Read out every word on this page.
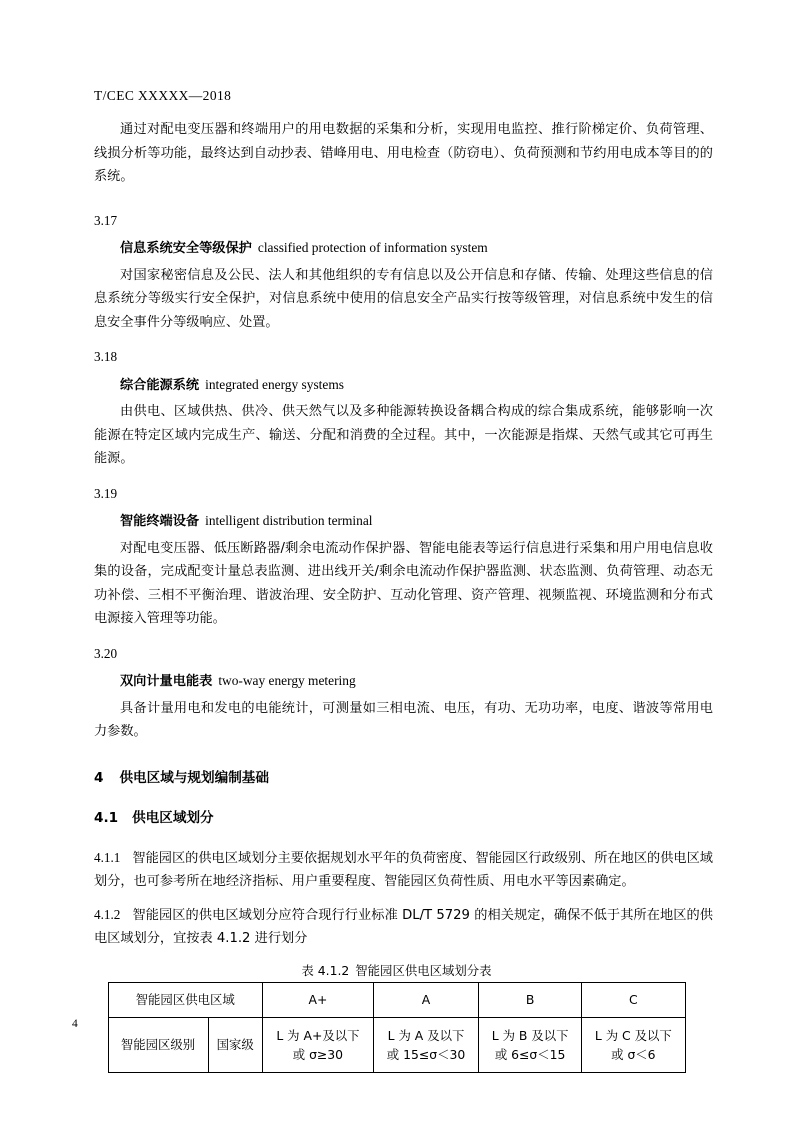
T/CEC XXXXX—2018
通过对配电变压器和终端用户的用电数据的采集和分析，实现用电监控、推行阶梯定价、负荷管理、线损分析等功能，最终达到自动抄表、错峰用电、用电检查（防窃电）、负荷预测和节约用电成本等目的的系统。
3.17
信息系统安全等级保护 classified protection of information system
对国家秘密信息及公民、法人和其他组织的专有信息以及公开信息和存储、传输、处理这些信息的信息系统分等级实行安全保护，对信息系统中使用的信息安全产品实行按等级管理，对信息系统中发生的信息安全事件分等级响应、处置。
3.18
综合能源系统 integrated energy systems
由供电、区域供热、供冷、供天然气以及多种能源转换设备耦合构成的综合集成系统，能够影响一次能源在特定区域内完成生产、输送、分配和消费的全过程。其中，一次能源是指煤、天然气或其它可再生能源。
3.19
智能终端设备 intelligent distribution terminal
对配电变压器、低压断路器/剩余电流动作保护器、智能电能表等运行信息进行采集和用户用电信息收集的设备，完成配变计量总表监测、进出线开关/剩余电流动作保护器监测、状态监测、负荷管理、动态无功补偿、三相不平衡治理、谐波治理、安全防护、互动化管理、资产管理、视频监视、环境监测和分布式电源接入管理等功能。
3.20
双向计量电能表 two-way energy metering
具备计量用电和发电的电能统计，可测量如三相电流、电压，有功、无功功率，电度、谐波等常用电力参数。
4 供电区域与规划编制基础
4.1 供电区域划分
4.1.1 智能园区的供电区域划分主要依据规划水平年的负荷密度、智能园区行政级别、所在地区的供电区域划分，也可参考所在地经济指标、用户重要程度、智能园区负荷性质、用电水平等因素确定。
4.1.2 智能园区的供电区域划分应符合现行行业标准 DL/T 5729 的相关规定，确保不低于其所在地区的供电区域划分，宜按表 4.1.2 进行划分
表 4.1.2 智能园区供电区域划分表
智能园区供电区域		A+	A	B	C
智能园区级别	国家级	L 为 A+及以下
或 σ≥30	L 为 A 及以下
或 15≤σ＜30	L 为 B 及以下
或 6≤σ＜15	L 为 C 及以下
或 σ＜6
4
